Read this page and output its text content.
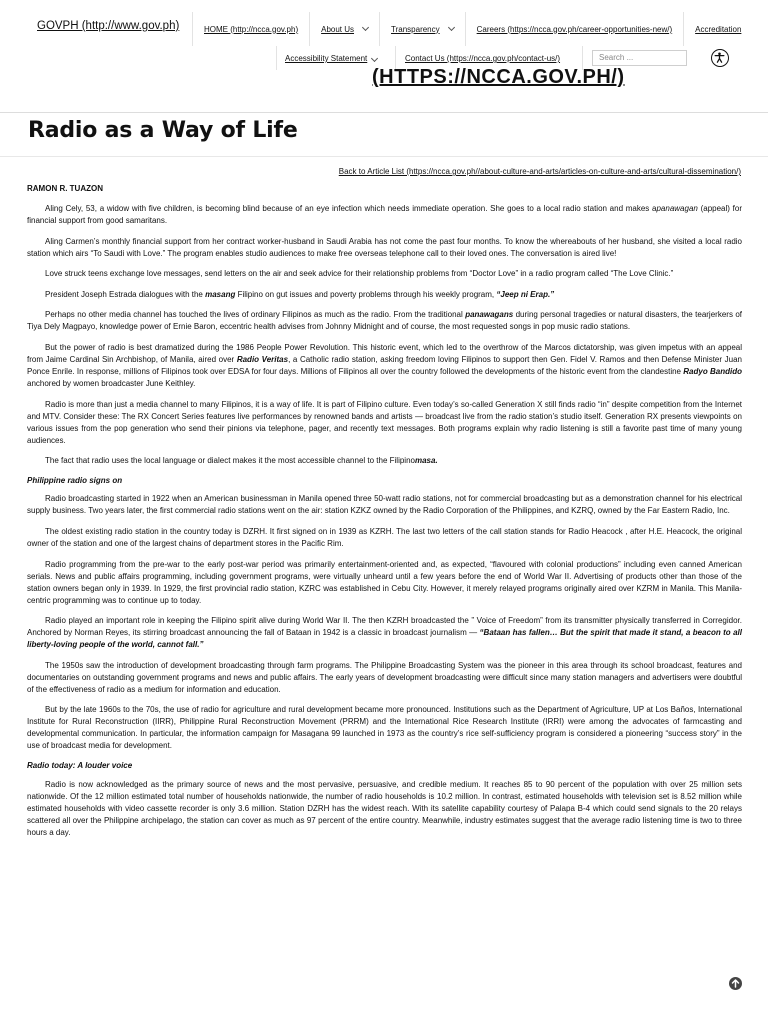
GOVPH (http://www.gov.ph)	HOME (http://ncca.gov.ph)	About Us	Transparency	Careers (https://ncca.gov.ph/career-opportunities-new/)	Accreditation
Accessibility Statement	Contact Us (https://ncca.gov.ph/contact-us/)	Search ...
(HTTPS://NCCA.GOV.PH/)
Radio as a Way of Life
Back to Article List (https://ncca.gov.ph//about-culture-and-arts/articles-on-culture-and-arts/cultural-dissemination/)

RAMON R. TUAZON

Aling Cely, 53, a widow with five children, is becoming blind because of an eye infection which needs immediate operation. She goes to a local radio station and makes apanawagan (appeal) for financial support from good samaritans.

Aling Carmen’s monthly financial support from her contract worker-husband in Saudi Arabia has not come the past four months. To know the whereabouts of her husband, she visited a local radio station which airs “To Saudi with Love.” The program enables studio audiences to make free overseas telephone call to their loved ones. The conversation is aired live!

Love struck teens exchange love messages, send letters on the air and seek advice for their relationship problems from “Doctor Love” in a radio program called “The Love Clinic.”

President Joseph Estrada dialogues with the masang Filipino on gut issues and poverty problems through his weekly program, “Jeep ni Erap.”

Perhaps no other media channel has touched the lives of ordinary Filipinos as much as the radio. From the traditional panawagans during personal tragedies or natural disasters, the tearjerkers of Tiya Dely Magpayo, knowledge power of Ernie Baron, eccentric health advises from Johnny Midnight and of course, the most requested songs in pop music radio stations.

But the power of radio is best dramatized during the 1986 People Power Revolution. This historic event, which led to the overthrow of the Marcos dictatorship, was given impetus with an appeal from Jaime Cardinal Sin Archbishop, of Manila, aired over Radio Veritas, a Catholic radio station, asking freedom loving Filipinos to support then Gen. Fidel V. Ramos and then Defense Minister Juan Ponce Enrile. In response, millions of Filipinos took over EDSA for four days. Millions of Filipinos all over the country followed the developments of the historic event from the clandestine Radyo Bandido anchored by women broadcaster June Keithley.

Radio is more than just a media channel to many Filipinos, it is a way of life. It is part of Filipino culture. Even today’s so-called Generation X still finds radio “in” despite competition from the Internet and MTV. Consider these: The RX Concert Series features live performances by renowned bands and artists — broadcast live from the radio station’s studio itself. Generation RX presents viewpoints on various issues from the pop generation who send their pinions via telephone, pager, and recently text messages. Both programs explain why radio listening is still a favorite past time of many young audiences.

The fact that radio uses the local language or dialect makes it the most accessible channel to the Filipinomasa.

Philippine radio signs on

Radio broadcasting started in 1922 when an American businessman in Manila opened three 50-watt radio stations, not for commercial broadcasting but as a demonstration channel for his electrical supply business. Two years later, the first commercial radio stations went on the air: station KZKZ owned by the Radio Corporation of the Philippines, and KZRQ, owned by the Far Eastern Radio, Inc.

The oldest existing radio station in the country today is DZRH. It first signed on in 1939 as KZRH. The last two letters of the call station stands for Radio Heacock , after H.E. Heacock, the original owner of the station and one of the largest chains of department stores in the Pacific Rim.

Radio programming from the pre-war to the early post-war period was primarily entertainment-oriented and, as expected, “flavoured with colonial productions” including even canned American serials. News and public affairs programming, including government programs, were virtually unheard until a few years before the end of World War II. Advertising of products other than those of the station owners began only in 1939. In 1929, the first provincial radio station, KZRC was established in Cebu City. However, it merely relayed programs originally aired over KZRM in Manila. This Manila-centric programming was to continue up to today.

Radio played an important role in keeping the Filipino spirit alive during World War II. The then KZRH broadcasted the ” Voice of Freedom” from its transmitter physically transferred in Corregidor. Anchored by Norman Reyes, its stirring broadcast announcing the fall of Bataan in 1942 is a classic in broadcast journalism — “Bataan has fallen… But the spirit that made it stand, a beacon to all liberty-loving people of the world, cannot fall.”

The 1950s saw the introduction of development broadcasting through farm programs. The Philippine Broadcasting System was the pioneer in this area through its school broadcast, features and documentaries on outstanding government programs and news and public affairs. The early years of development broadcasting were difficult since many station managers and advertisers were doubtful of the effectiveness of radio as a medium for information and education.

But by the late 1960s to the 70s, the use of radio for agriculture and rural development became more pronounced. Institutions such as the Department of Agriculture, UP at Los Baños, International Institute for Rural Reconstruction (IIRR), Philippine Rural Reconstruction Movement (PRRM) and the International Rice Research Institute (IRRI) were among the advocates of farmcasting and developmental communication. In particular, the information campaign for Masagana 99 launched in 1973 as the country’s rice self-sufficiency program is considered a pioneering “success story” in the use of broadcast media for development.

Radio today: A louder voice

Radio is now acknowledged as the primary source of news and the most pervasive, persuasive, and credible medium. It reaches 85 to 90 percent of the population with over 25 million sets nationwide. Of the 12 million estimated total number of households nationwide, the number of radio households is 10.2 million. In contrast, estimated households with television set is 8.52 million while estimated households with video cassette recorder is only 3.6 million. Station DZRH has the widest reach. With its satellite capability courtesy of Palapa B-4 which could send signals to the 20 relays scattered all over the Philippine archipelago, the station can cover as much as 97 percent of the entire country. Meanwhile, industry estimates suggest that the average radio listening time is two to three hours a day.
